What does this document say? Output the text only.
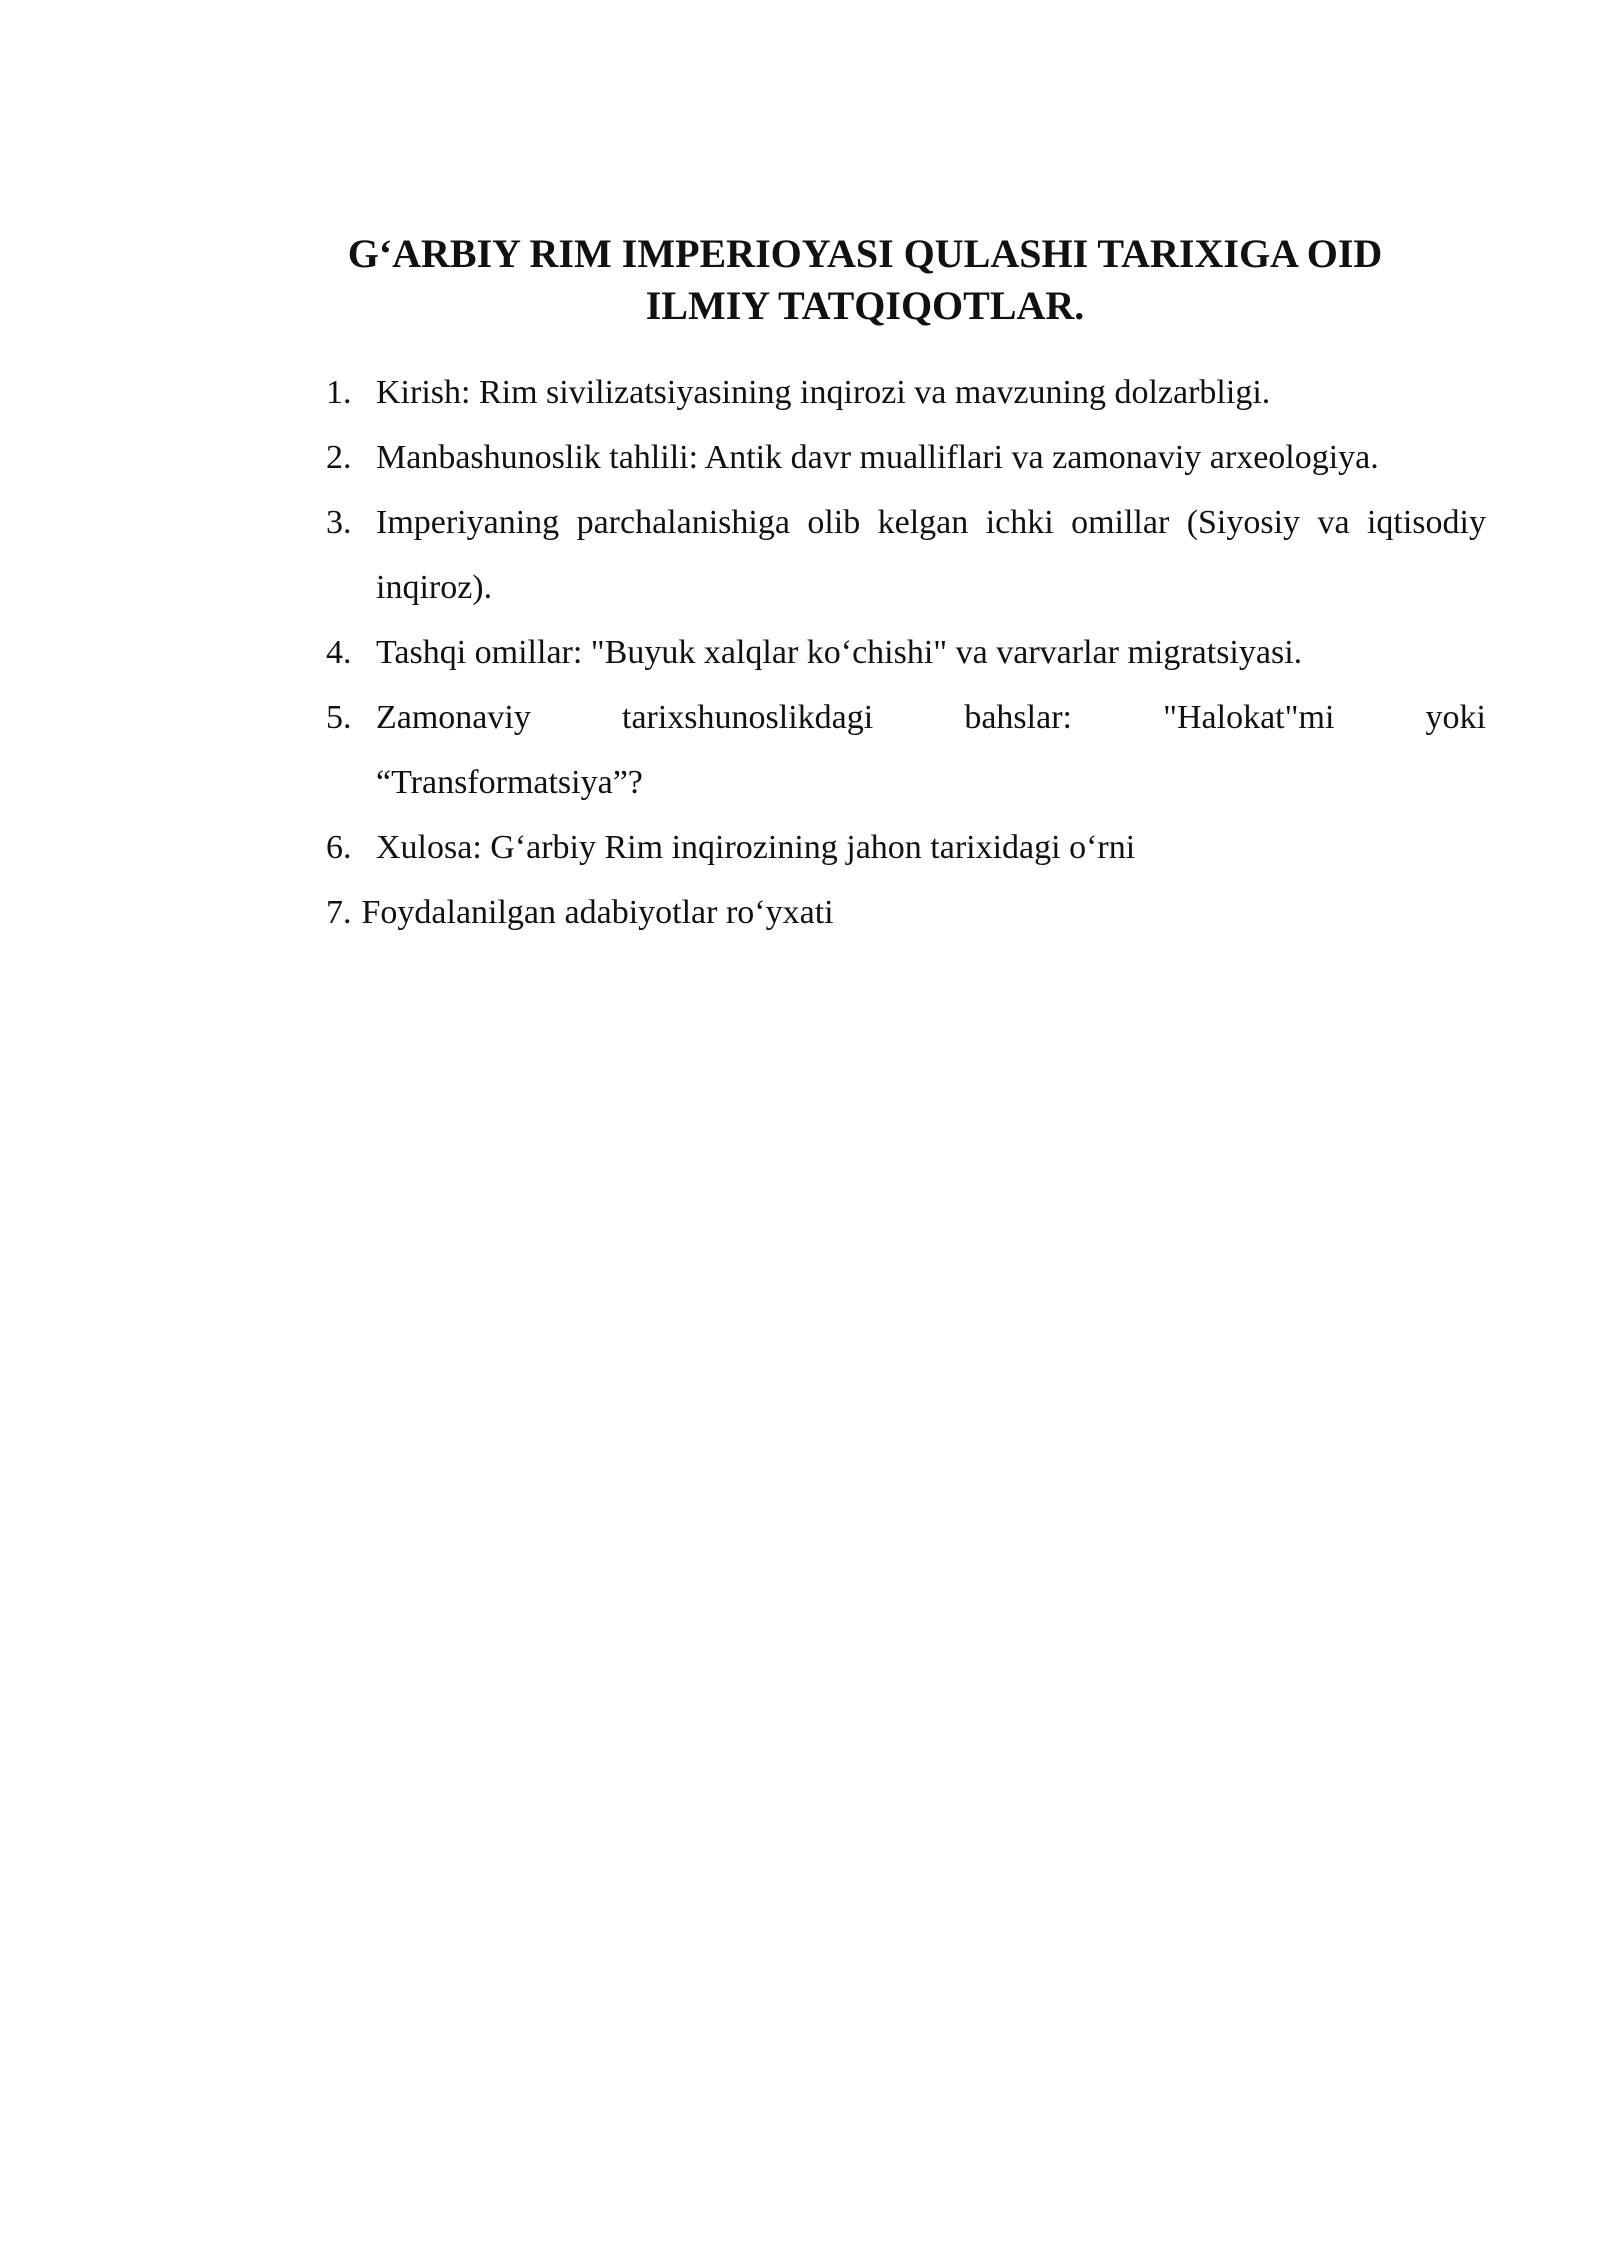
G‘ARBIY RIM IMPERIOYASI QULASHI TARIXIGA OID
ILMIY TATQIQOTLAR.
1. Kirish: Rim sivilizatsiyasining inqirozi va mavzuning dolzarbligi.
2. Manbashunoslik tahlili: Antik davr mualliflari va zamonaviy arxeologiya.
3. Imperiyaning parchalanishiga olib kelgan ichki omillar (Siyosiy va iqtisodiy inqiroz).
4. Tashqi omillar: "Buyuk xalqlar ko‘chishi" va varvarlar migratsiyasi.
5. Zamonaviy tarixshunoslikdagi bahslar: "Halokat"mi yoki
“Transformatsiya”?
6. Xulosa: G‘arbiy Rim inqirozining jahon tarixidagi o‘rni
7. Foydalanilgan adabiyotlar ro‘yxati
